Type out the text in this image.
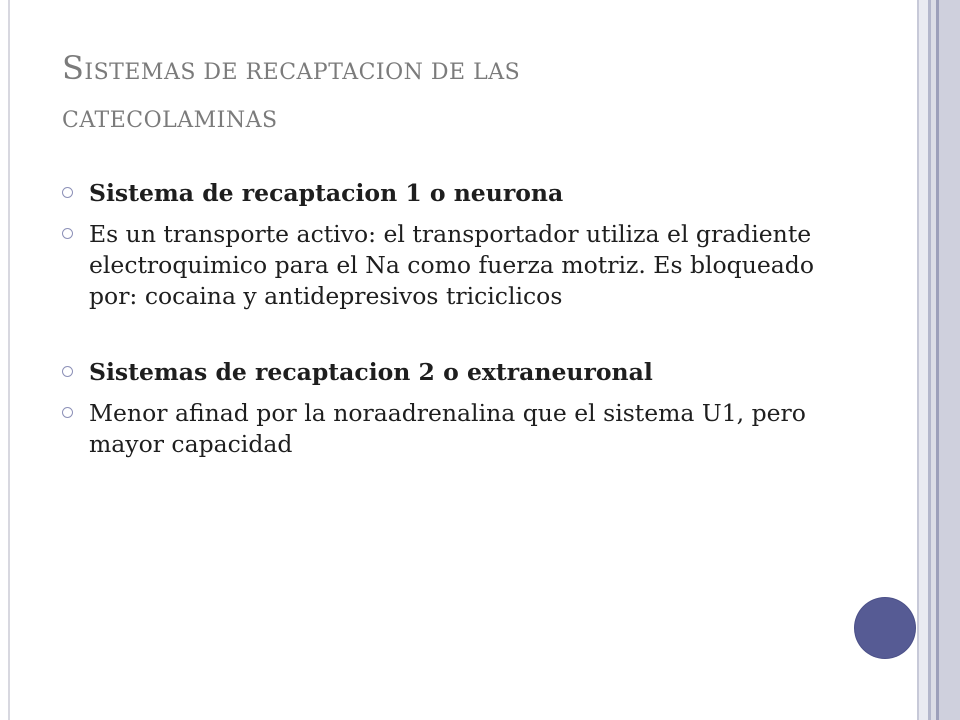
SISTEMAS DE RECAPTACION DE LAS
CATECOLAMINAS
Sistema de recaptacion 1 o neurona
Es un transporte activo: el transportador utiliza el gradiente electroquimico para el Na como fuerza motriz. Es bloqueado por: cocaina y antidepresivos triciclicos
Sistemas de recaptacion 2 o extraneuronal
Menor afinad por la noraadrenalina que el sistema U1, pero mayor capacidad
